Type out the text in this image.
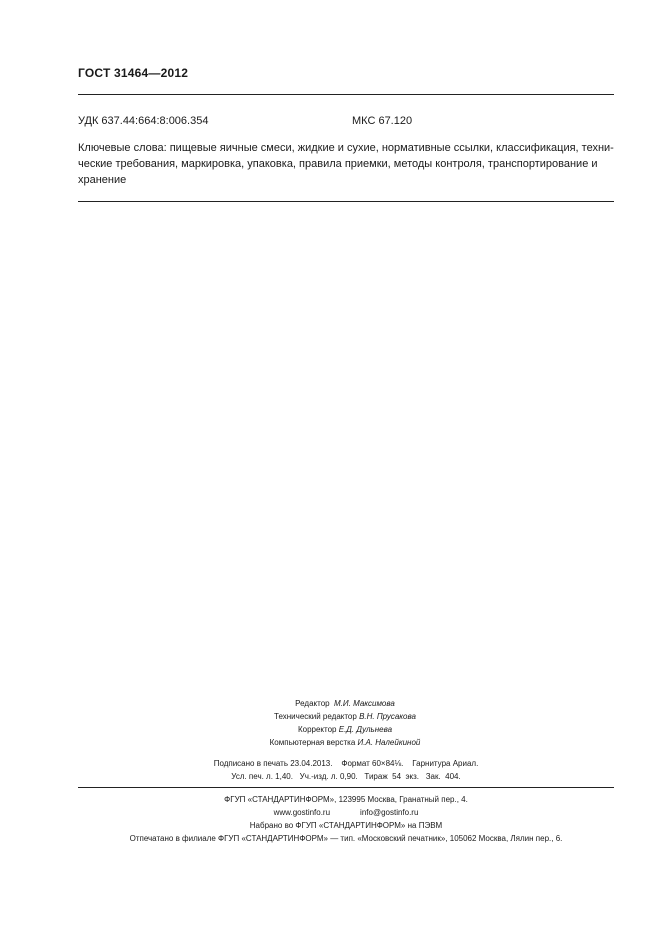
ГОСТ 31464—2012
УДК 637.44:664:8:006.354	МКС 67.120
Ключевые слова: пищевые яичные смеси, жидкие и сухие, нормативные ссылки, классификация, техни-
ческие требования, маркировка, упаковка, правила приемки, методы контроля, транспортирование и
хранение
Редактор М.И. Максимова
Технический редактор В.Н. Прусакова
Корректор Е.Д. Дульнева
Компьютерная верстка И.А. Налейкиной
Подписано в печать 23.04.2013.    Формат 60×84⅛.    Гарнитура Ариал.
Усл. печ. л. 1,40.   Уч.-изд. л. 0,90.   Тираж  54  экз.   Зак.  404.
ФГУП «СТАНДАРТИНФОРМ», 123995 Москва, Гранатный пер., 4.
www.gostinfo.ru	info@gostinfo.ru
Набрано во ФГУП «СТАНДАРТИНФОРМ» на ПЭВМ
Отпечатано в филиале ФГУП «СТАНДАРТИНФОРМ» — тип. «Московский печатник», 105062 Москва, Лялин пер., 6.
